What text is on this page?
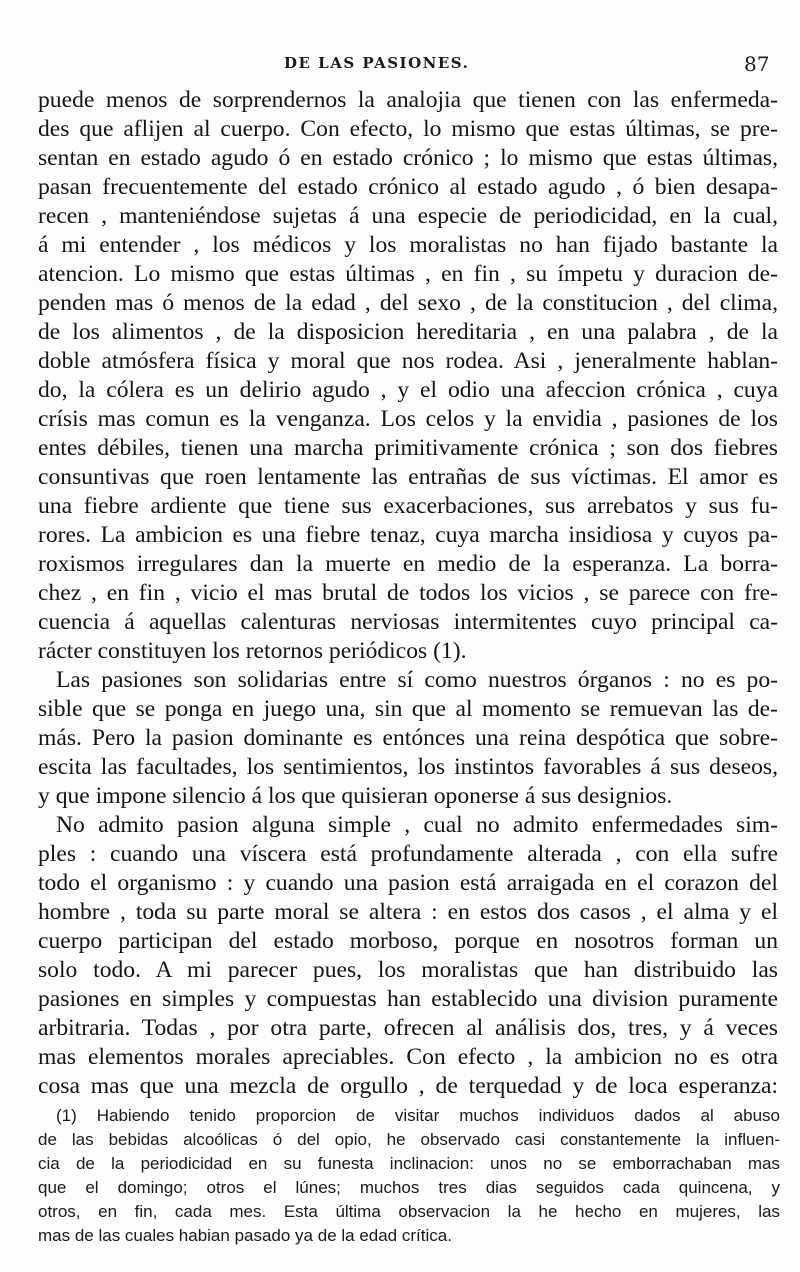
DE LAS PASIONES.	87
puede menos de sorprendernos la analojia que tienen con las enfermeda-
des que aflijen al cuerpo. Con efecto, lo mismo que estas últimas, se pre-
sentan en estado agudo ó en estado crónico ; lo mismo que estas últimas,
pasan frecuentemente del estado crónico al estado agudo , ó bien desapa-
recen , manteniéndose sujetas á una especie de periodicidad, en la cual,
á mi entender , los médicos y los moralistas no han fijado bastante la
atencion. Lo mismo que estas últimas , en fin , su ímpetu y duracion de-
penden mas ó menos de la edad , del sexo , de la constitucion , del clima,
de los alimentos , de la disposicion hereditaria , en una palabra , de la
doble atmósfera física y moral que nos rodea. Asi , jeneralmente hablan-
do, la cólera es un delirio agudo , y el odio una afeccion crónica , cuya
crísis mas comun es la venganza. Los celos y la envidia , pasiones de los
entes débiles, tienen una marcha primitivamente crónica ; son dos fiebres
consuntivas que roen lentamente las entrañas de sus víctimas. El amor es
una fiebre ardiente que tiene sus exacerbaciones, sus arrebatos y sus fu-
rores. La ambicion es una fiebre tenaz, cuya marcha insidiosa y cuyos pa-
roxismos irregulares dan la muerte en medio de la esperanza. La borra-
chez , en fin , vicio el mas brutal de todos los vicios , se parece con fre-
cuencia á aquellas calenturas nerviosas intermitentes cuyo principal ca-
rácter constituyen los retornos periódicos (1).
Las pasiones son solidarias entre sí como nuestros órganos : no es po-
sible que se ponga en juego una, sin que al momento se remuevan las de-
más. Pero la pasion dominante es entónces una reina despótica que sobre-
escita las facultades, los sentimientos, los instintos favorables á sus deseos,
y que impone silencio á los que quisieran oponerse á sus designios.
No admito pasion alguna simple , cual no admito enfermedades sim-
ples : cuando una víscera está profundamente alterada , con ella sufre
todo el organismo : y cuando una pasion está arraigada en el corazon del
hombre , toda su parte moral se altera : en estos dos casos , el alma y el
cuerpo participan del estado morboso, porque en nosotros forman un
solo todo. A mi parecer pues, los moralistas que han distribuido las
pasiones en simples y compuestas han establecido una division puramente
arbitraria. Todas , por otra parte, ofrecen al análisis dos, tres, y á veces
mas elementos morales apreciables. Con efecto , la ambicion no es otra
cosa mas que una mezcla de orgullo , de terquedad y de loca esperanza:
(1) Habiendo tenido proporcion de visitar muchos individuos dados al abuso
de las bebidas alcoólicas ó del opio, he observado casi constantemente la influen-
cia de la periodicidad en su funesta inclinacion: unos no se emborrachaban mas
que el domingo; otros el lúnes; muchos tres dias seguidos cada quincena, y
otros, en fin, cada mes. Esta última observacion la he hecho en mujeres, las
mas de las cuales habian pasado ya de la edad crítica.
